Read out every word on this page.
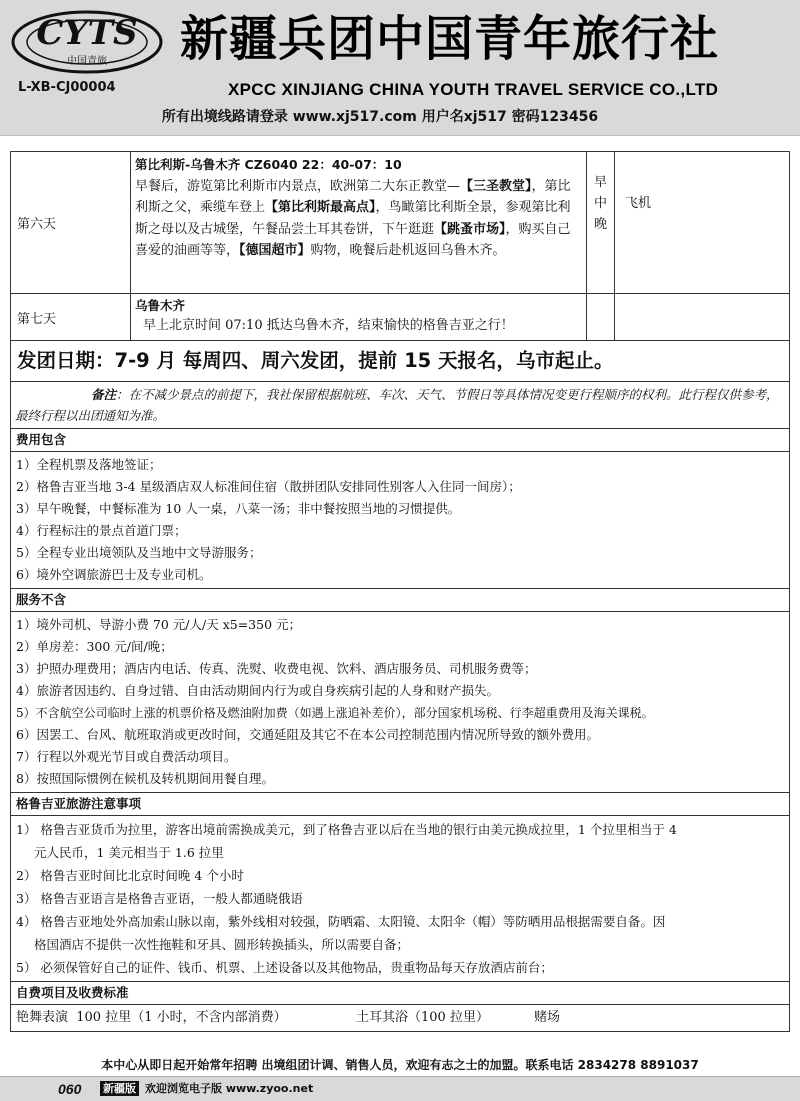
CYTS
中国青旅
L-XB-CJ00004
新疆兵团中国青年旅行社
XPCC XINJIANG CHINA YOUTH TRAVEL SERVICE CO.,LTD
所有出境线路请登录 www.xj517.com 用户名xj517 密码123456
第六天
第比利斯-乌鲁木齐 CZ6040 22：40-07：10
早餐后，游览第比利斯市内景点，欧洲第二大东正教堂—【三圣教堂】，第比利斯之父，乘缆车登上【第比利斯最高点】，鸟瞰第比利斯全景，参观第比利斯之母以及古城堡，午餐品尝土耳其卷饼，下午逛逛【跳蚤市场】，购买自己喜爱的油画等等，【德国超市】购物，晚餐后赴机返回乌鲁木齐。
早
中
晚
飞机
第七天
乌鲁木齐
早上北京时间 07:10 抵达乌鲁木齐，结束愉快的格鲁吉亚之行！
发团日期：7-9 月 每周四、周六发团，提前 15 天报名，乌市起止。
备注：在不减少景点的前提下，我社保留根据航班、车次、天气、节假日等具体情况变更行程顺序的权利。此行程仅供参考，最终行程以出团通知为准。
费用包含
1）全程机票及落地签证；
2）格鲁吉亚当地 3-4 星级酒店双人标准间住宿（散拼团队安排同性别客人入住同一间房）；
3）早午晚餐，中餐标准为 10 人一桌，八菜一汤；非中餐按照当地的习惯提供。
4）行程标注的景点首道门票；
5）全程专业出境领队及当地中文导游服务；
6）境外空调旅游巴士及专业司机。
服务不含
1）境外司机、导游小费 70 元/人/天 x5=350 元；
2）单房差：300 元/间/晚；
3）护照办理费用；酒店内电话、传真、洗熨、收费电视、饮料、酒店服务员、司机服务费等；
4）旅游者因违约、自身过错、自由活动期间内行为或自身疾病引起的人身和财产损失。
5）不含航空公司临时上涨的机票价格及燃油附加费（如遇上涨追补差价），部分国家机场税、行李超重费用及海关课税。
6）因罢工、台风、航班取消或更改时间，交通延阻及其它不在本公司控制范围内情况所导致的额外费用。
7）行程以外观光节目或自费活动项目。
8）按照国际惯例在候机及转机期间用餐自理。
格鲁吉亚旅游注意事项
1） 格鲁吉亚货币为拉里，游客出境前需换成美元，到了格鲁吉亚以后在当地的银行由美元换成拉里，1 个拉里相当于 4
元人民币，1 美元相当于 1.6 拉里
2） 格鲁吉亚时间比北京时间晚 4 个小时
3） 格鲁吉亚语言是格鲁吉亚语，一般人都通晓俄语
4） 格鲁吉亚地处外高加索山脉以南，紫外线相对较强，防晒霜、太阳镜、太阳伞（帽）等防晒用品根据需要自备。因
格国酒店不提供一次性拖鞋和牙具、圆形转换插头，所以需要自备；
5） 必须保管好自己的证件、钱币、机票、上述设备以及其他物品，贵重物品每天存放酒店前台；
自费项目及收费标准
艳舞表演  100 拉里（1 小时，不含内部消费）	土耳其浴（100 拉里）	赌场
本中心从即日起开始常年招聘 出境组团计调、销售人员，欢迎有志之士的加盟。联系电话 2834278 8891037
060 新疆版 欢迎浏览电子版 www.zyoo.net
